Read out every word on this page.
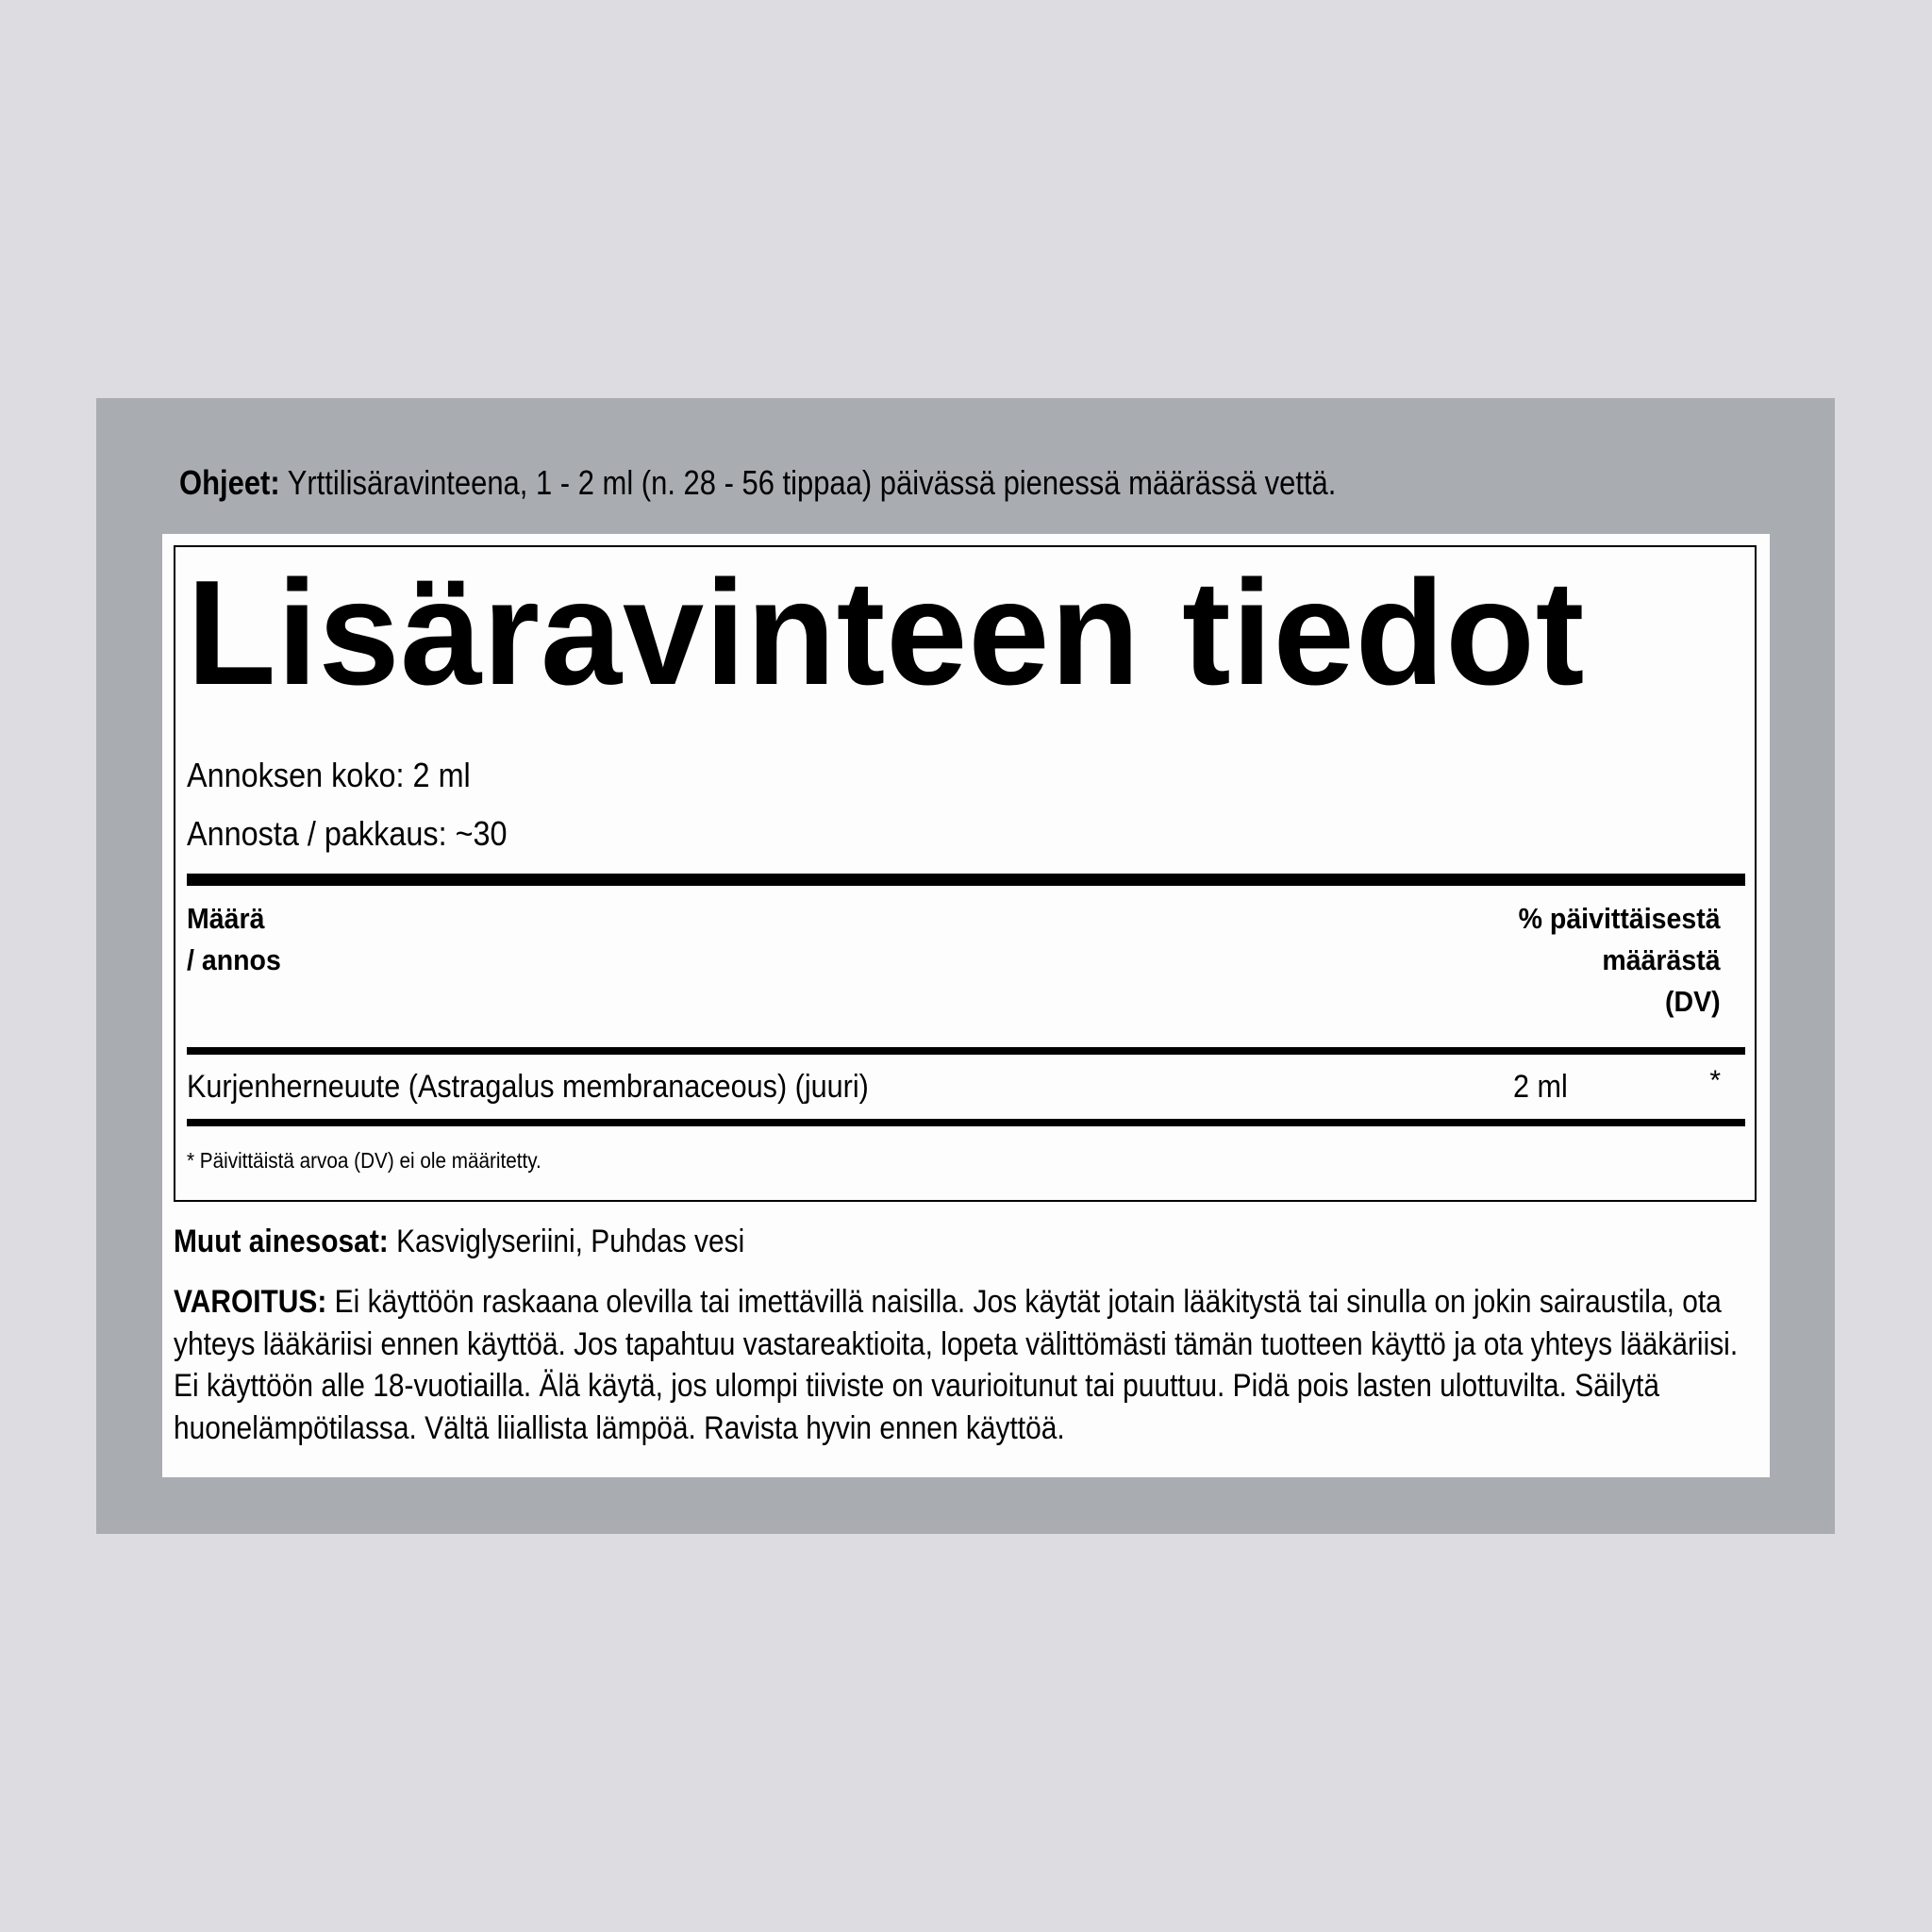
Ohjeet: Yrttilisäravinteena, 1 - 2 ml (n. 28 - 56 tippaa) päivässä pienessä määrässä vettä.
Lisäravinteen tiedot
Annoksen koko: 2 ml
Annosta / pakkaus: ~30
Määrä
/ annos
% päivittäisestä
määrästä
(DV)
Kurjenherneuute (Astragalus membranaceous) (juuri)	2 ml	*
* Päivittäistä arvoa (DV) ei ole määritetty.
Muut ainesosat: Kasviglyseriini, Puhdas vesi
VAROITUS: Ei käyttöön raskaana olevilla tai imettävillä naisilla. Jos käytät jotain lääkitystä tai sinulla on jokin sairaustila, ota yhteys lääkäriisi ennen käyttöä. Jos tapahtuu vastareaktioita, lopeta välittömästi tämän tuotteen käyttö ja ota yhteys lääkäriisi. Ei käyttöön alle 18-vuotiailla. Älä käytä, jos ulompi tiiviste on vaurioitunut tai puuttuu. Pidä pois lasten ulottuvilta. Säilytä huonelämpötilassa. Vältä liiallista lämpöä. Ravista hyvin ennen käyttöä.
